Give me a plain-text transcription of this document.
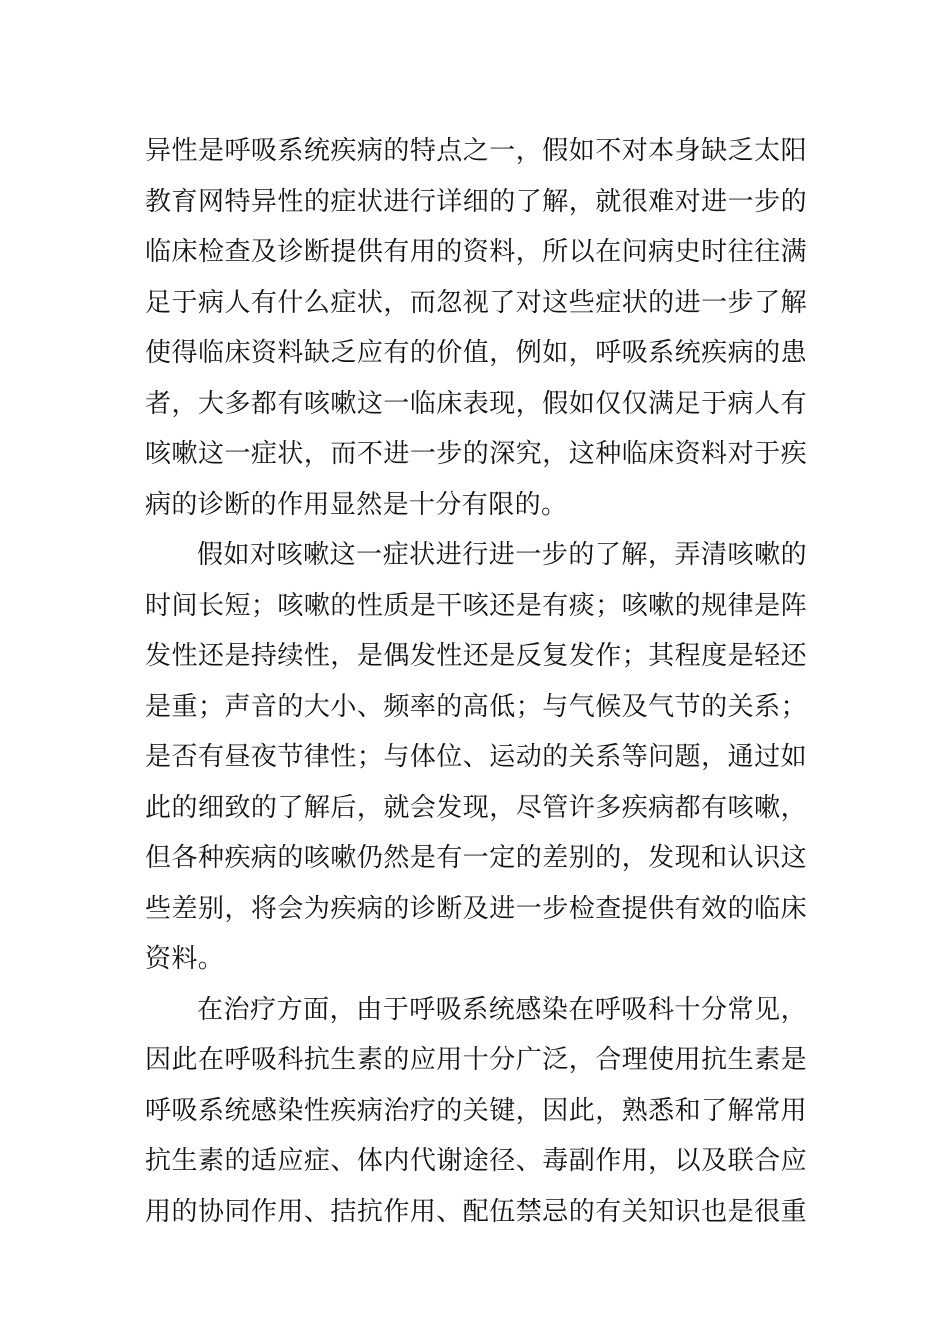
异性是呼吸系统疾病的特点之一，假如不对本身缺乏太阳
教育网特异性的症状进行详细的了解，就很难对进一步的
临床检查及诊断提供有用的资料，所以在问病史时往往满
足于病人有什么症状，而忽视了对这些症状的进一步了解
使得临床资料缺乏应有的价值，例如，呼吸系统疾病的患
者，大多都有咳嗽这一临床表现，假如仅仅满足于病人有
咳嗽这一症状，而不进一步的深究，这种临床资料对于疾
病的诊断的作用显然是十分有限的。
假如对咳嗽这一症状进行进一步的了解，弄清咳嗽的
时间长短；咳嗽的性质是干咳还是有痰；咳嗽的规律是阵
发性还是持续性，是偶发性还是反复发作；其程度是轻还
是重；声音的大小、频率的高低；与气候及气节的关系；
是否有昼夜节律性；与体位、运动的关系等问题，通过如
此的细致的了解后，就会发现，尽管许多疾病都有咳嗽，
但各种疾病的咳嗽仍然是有一定的差别的，发现和认识这
些差别，将会为疾病的诊断及进一步检查提供有效的临床
资料。
在治疗方面，由于呼吸系统感染在呼吸科十分常见，
因此在呼吸科抗生素的应用十分广泛，合理使用抗生素是
呼吸系统感染性疾病治疗的关键，因此，熟悉和了解常用
抗生素的适应症、体内代谢途径、毒副作用，以及联合应
用的协同作用、拮抗作用、配伍禁忌的有关知识也是很重
